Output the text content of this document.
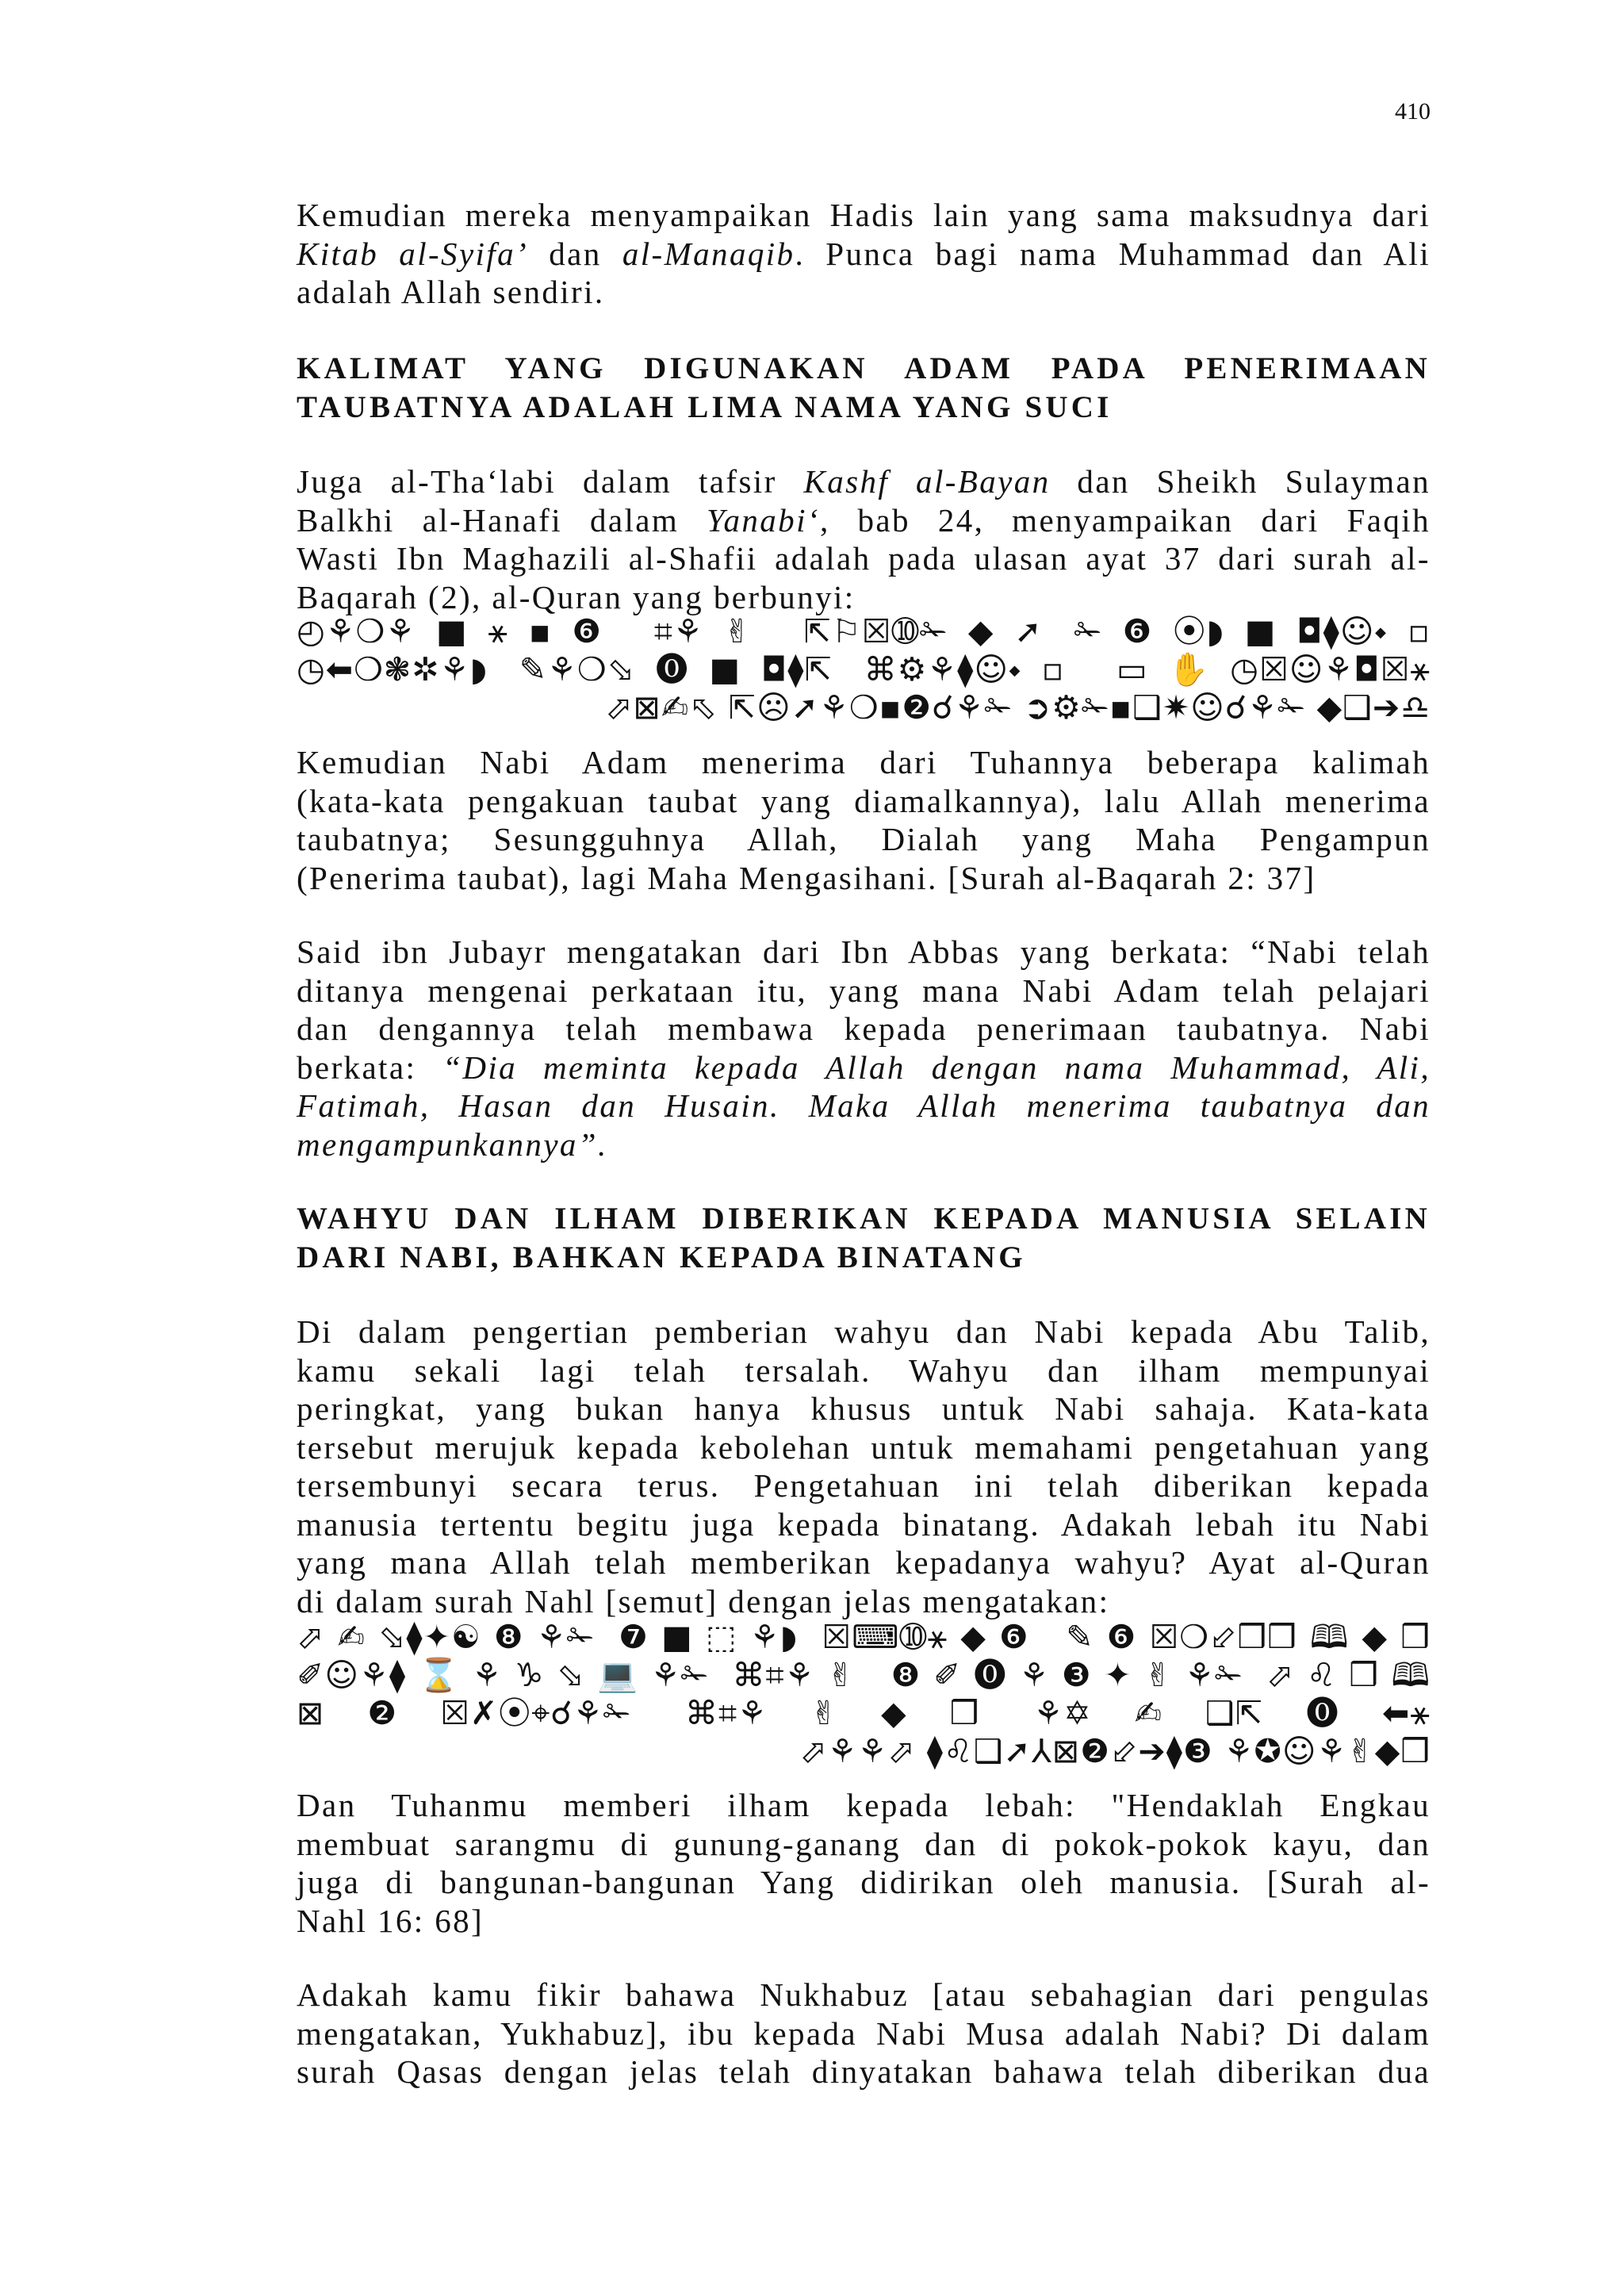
410

Kemudian mereka menyampaikan Hadis lain yang sama maksudnya dari
Kitab al-Syifa’ dan al-Manaqib. Punca bagi nama Muhammad dan Ali
adalah Allah sendiri.

KALIMAT YANG DIGUNAKAN ADAM PADA PENERIMAAN
TAUBATNYA ADALAH LIMA NAMA YANG SUCI

Juga al-Tha‘labi dalam tafsir Kashf al-Bayan dan Sheikh Sulayman
Balkhi al-Hanafi dalam Yanabi‘, bab 24, menyampaikan dari Faqih
Wasti Ibn Maghazili al-Shafii adalah pada ulasan ayat 37 dari surah al-
Baqarah (2), al-Quran yang berbunyi:

◴⚘❍⚘■⚹▪❻ ⌗⚘✌ ⇱⚐☒➉✁◆➚ ✁❻⦿◗■◘⧫☺⬩▫
◷⬅❍❃✲⚘◗ ✎⚘❍⬂⓿■◘⧫⇱ ⌘⚙⚘⧫☺⬩▫ ▭✋◷☒☺⚘◘☒⚹
⬀⊠✍⬁ ⇱☹➚⚘❍▪❷☌⚘✁ ➲⚙✁▪❑✷☺☌⚘✁ ◆❑➔♎

Kemudian Nabi Adam menerima dari Tuhannya beberapa kalimah
(kata-kata pengakuan taubat yang diamalkannya), lalu Allah menerima
taubatnya; Sesungguhnya Allah, Dialah yang Maha Pengampun
(Penerima taubat), lagi Maha Mengasihani. [Surah al-Baqarah 2: 37]

Said ibn Jubayr mengatakan dari Ibn Abbas yang berkata: “Nabi telah
ditanya mengenai perkataan itu, yang mana Nabi Adam telah pelajari
dan dengannya telah membawa kepada penerimaan taubatnya. Nabi
berkata: “Dia meminta kepada Allah dengan nama Muhammad, Ali,
Fatimah, Hasan dan Husain. Maka Allah menerima taubatnya dan
mengampunkannya”.

WAHYU DAN ILHAM DIBERIKAN KEPADA MANUSIA SELAIN
DARI NABI, BAHKAN KEPADA BINATANG

Di dalam pengertian pemberian wahyu dan Nabi kepada Abu Talib,
kamu sekali lagi telah tersalah. Wahyu dan ilham mempunyai
peringkat, yang bukan hanya khusus untuk Nabi sahaja. Kata-kata
tersebut merujuk kepada kebolehan untuk memahami pengetahuan yang
tersembunyi secara terus. Pengetahuan ini telah diberikan kepada
manusia tertentu begitu juga kepada binatang. Adakah lebah itu Nabi
yang mana Allah telah memberikan kepadanya wahyu? Ayat al-Quran
di dalam surah Nahl [semut] dengan jelas mengatakan:

⬀✍⬂⧫✦☯❽⚘✁ ❼■⬚⚘◗ ☒⌨➉⚹◆❻ ✎❻☒❍⬃❒❒🕮◆❒
✐☺⚘⧫⌛⚘♑⬂💻⚘✁ ⌘⌗⚘✌ ❽✐⓿⚘❸✦✌⚘✁ ⬀♌❒🕮
⊠❷☒✗⦿⌖☌⚘✁ ⌘⌗⚘✌◆❒ ⚘✡✍❑⇱⓿⬅⚹
⬀⚘⚘⬀ ⧫♌❑➚⅄⊠❷⬃➔⧫❸ ⚘✪☺⚘✌◆❒

Dan Tuhanmu memberi ilham kepada lebah: "Hendaklah Engkau
membuat sarangmu di gunung-ganang dan di pokok-pokok kayu, dan
juga di bangunan-bangunan Yang didirikan oleh manusia. [Surah al-
Nahl 16: 68]

Adakah kamu fikir bahawa Nukhabuz [atau sebahagian dari pengulas
mengatakan, Yukhabuz], ibu kepada Nabi Musa adalah Nabi? Di dalam
surah Qasas dengan jelas telah dinyatakan bahawa telah diberikan dua
